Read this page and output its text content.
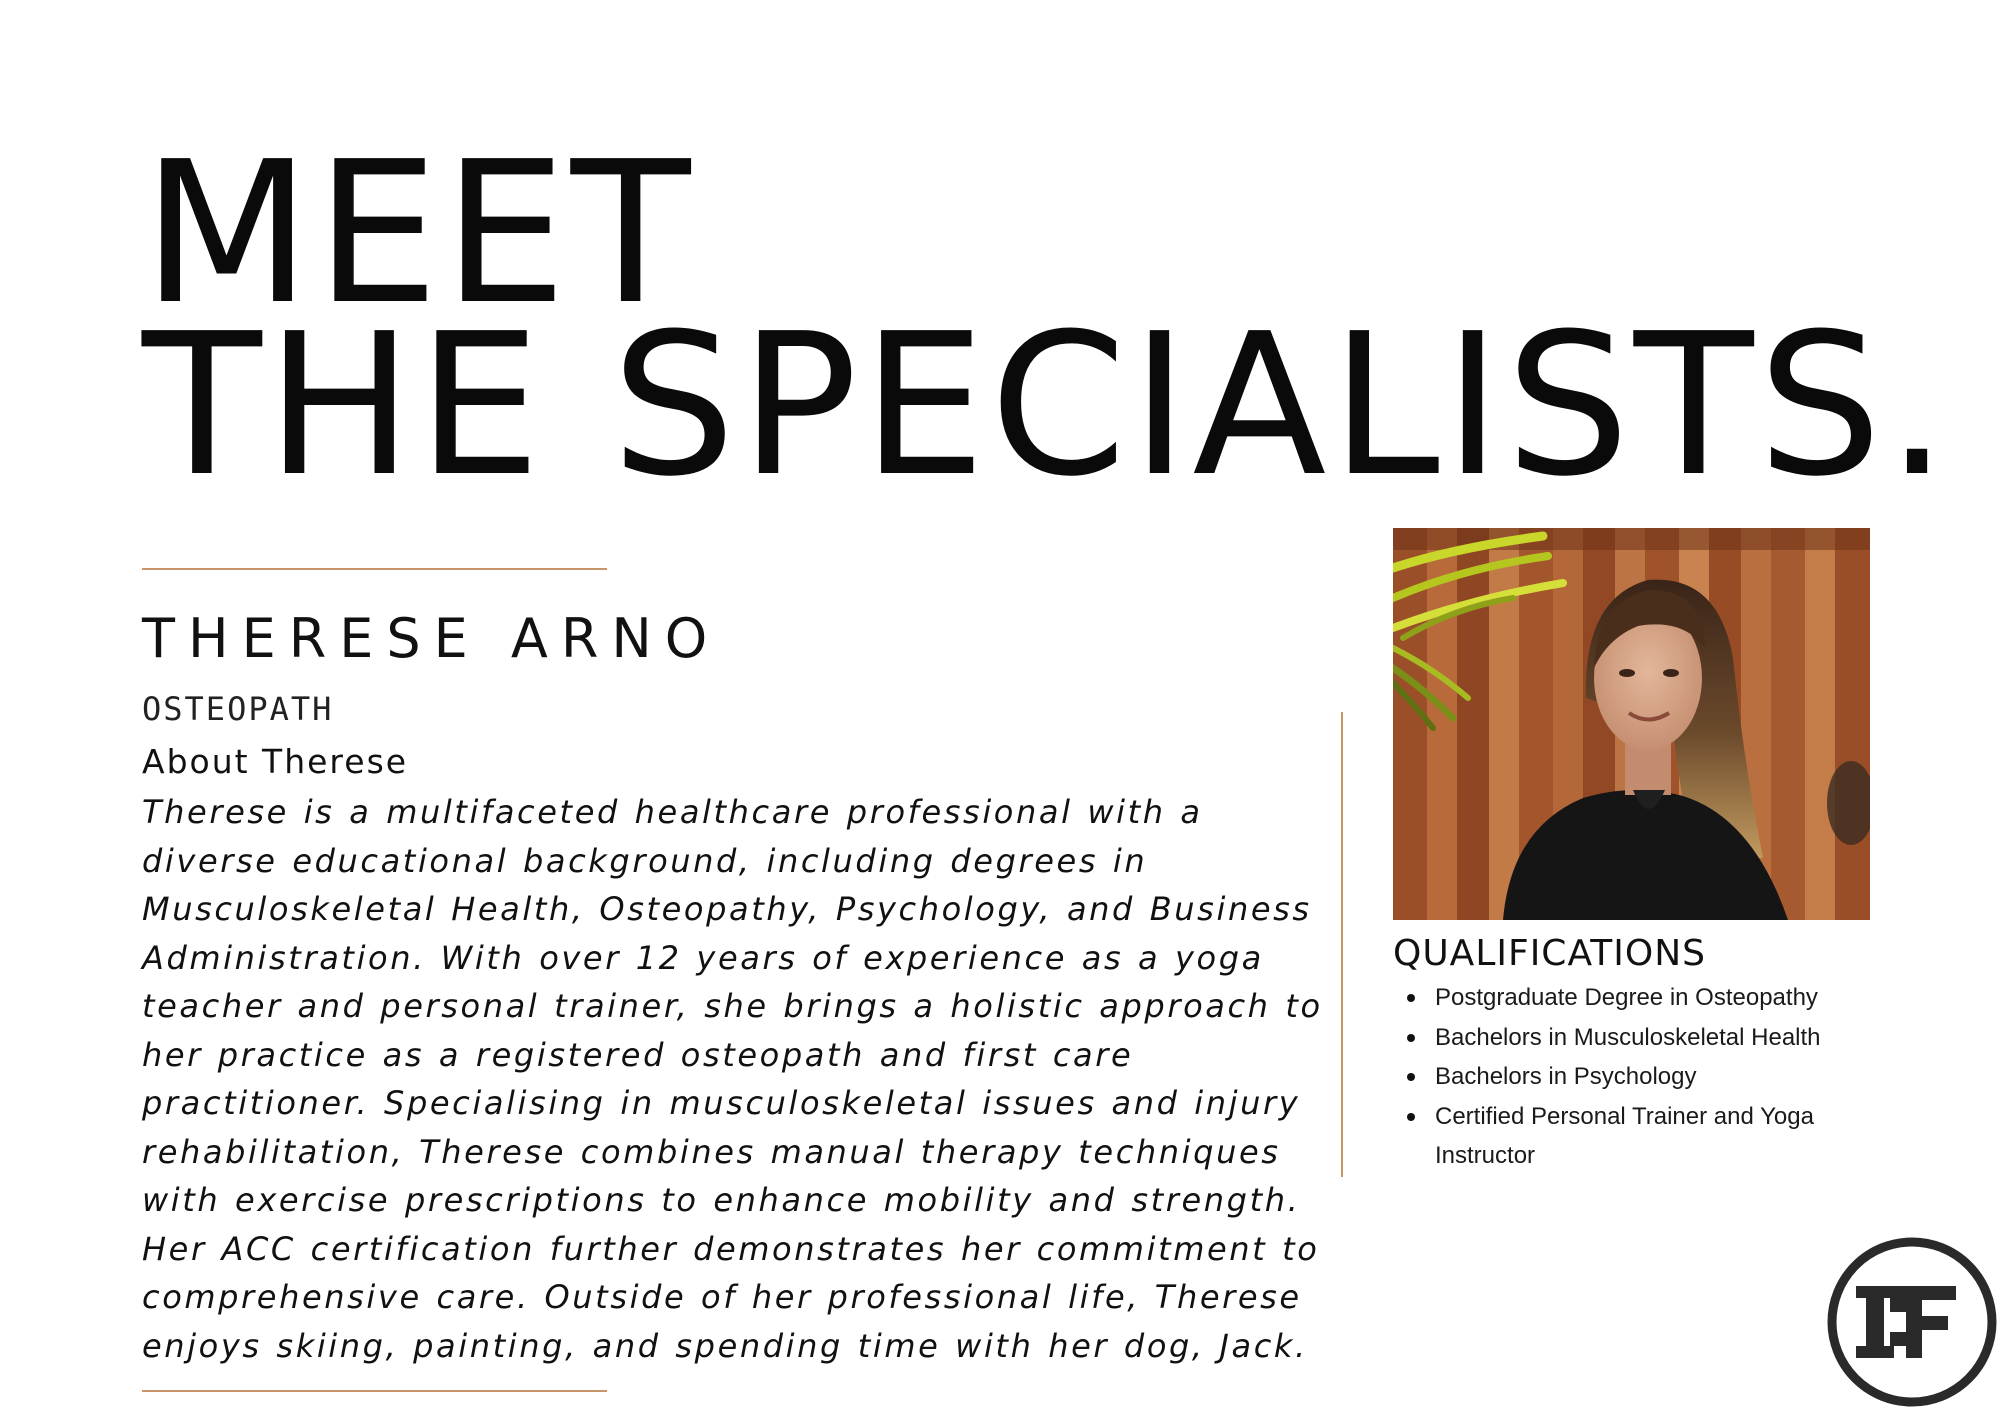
MEET
THE SPECIALISTS.
THERESE ARNO
OSTEOPATH
About Therese

Therese is a multifaceted healthcare professional with a diverse educational background, including degrees in Musculoskeletal Health, Osteopathy, Psychology, and Business Administration. With over 12 years of experience as a yoga teacher and personal trainer, she brings a holistic approach to her practice as a registered osteopath and first care practitioner. Specialising in musculoskeletal issues and injury rehabilitation, Therese combines manual therapy techniques with exercise prescriptions to enhance mobility and strength. Her ACC certification further demonstrates her commitment to comprehensive care. Outside of her professional life, Therese enjoys skiing, painting, and spending time with her dog, Jack.

QUALIFICATIONS
Postgraduate Degree in Osteopathy
Bachelors in Musculoskeletal Health
Bachelors in Psychology
Certified Personal Trainer and Yoga Instructor
